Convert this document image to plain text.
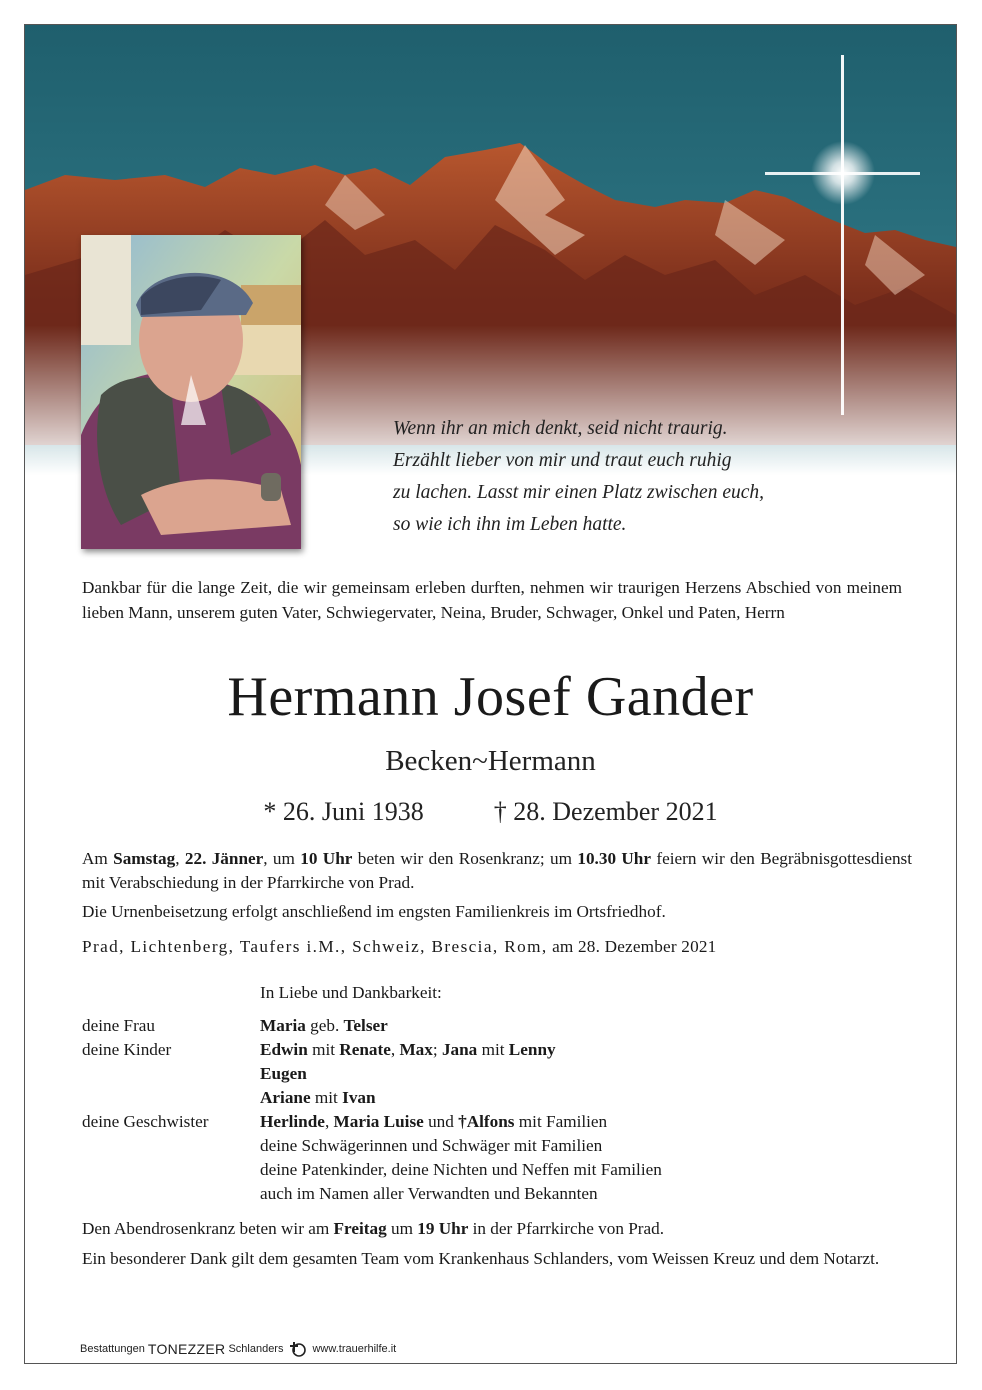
Wenn ihr an mich denkt, seid nicht traurig.
Erzählt lieber von mir und traut euch ruhig
zu lachen. Lasst mir einen Platz zwischen euch,
so wie ich ihn im Leben hatte.
Dankbar für die lange Zeit, die wir gemeinsam erleben durften, nehmen wir traurigen Herzens Abschied von meinem lieben Mann, unserem guten Vater, Schwiegervater, Neina, Bruder, Schwager, Onkel und Paten, Herrn
Hermann Josef Gander
Becken~Hermann
* 26. Juni 1938	† 28. Dezember 2021

Am Samstag, 22. Jänner, um 10 Uhr beten wir den Rosenkranz; um 10.30 Uhr feiern wir den Begräbnisgottesdienst mit Verabschiedung in der Pfarrkirche von Prad.

Die Urnenbeisetzung erfolgt anschließend im engsten Familienkreis im Ortsfriedhof.

Prad, Lichtenberg, Taufers i.M., Schweiz, Brescia, Rom, am 28. Dezember 2021
In Liebe und Dankbarkeit:
deine Frau	Maria geb. Telser
deine Kinder	Edwin mit Renate, Max; Jana mit Lenny
Eugen
Ariane mit Ivan
deine Geschwister	Herlinde, Maria Luise und †Alfons mit Familien
deine Schwägerinnen und Schwäger mit Familien
deine Patenkinder, deine Nichten und Neffen mit Familien
auch im Namen aller Verwandten und Bekannten

Den Abendrosenkranz beten wir am Freitag um 19 Uhr in der Pfarrkirche von Prad.

Ein besonderer Dank gilt dem gesamten Team vom Krankenhaus Schlanders, vom Weissen Kreuz und dem Notarzt.

Bestattungen TONEZZER Schlanders	www.trauerhilfe.it
